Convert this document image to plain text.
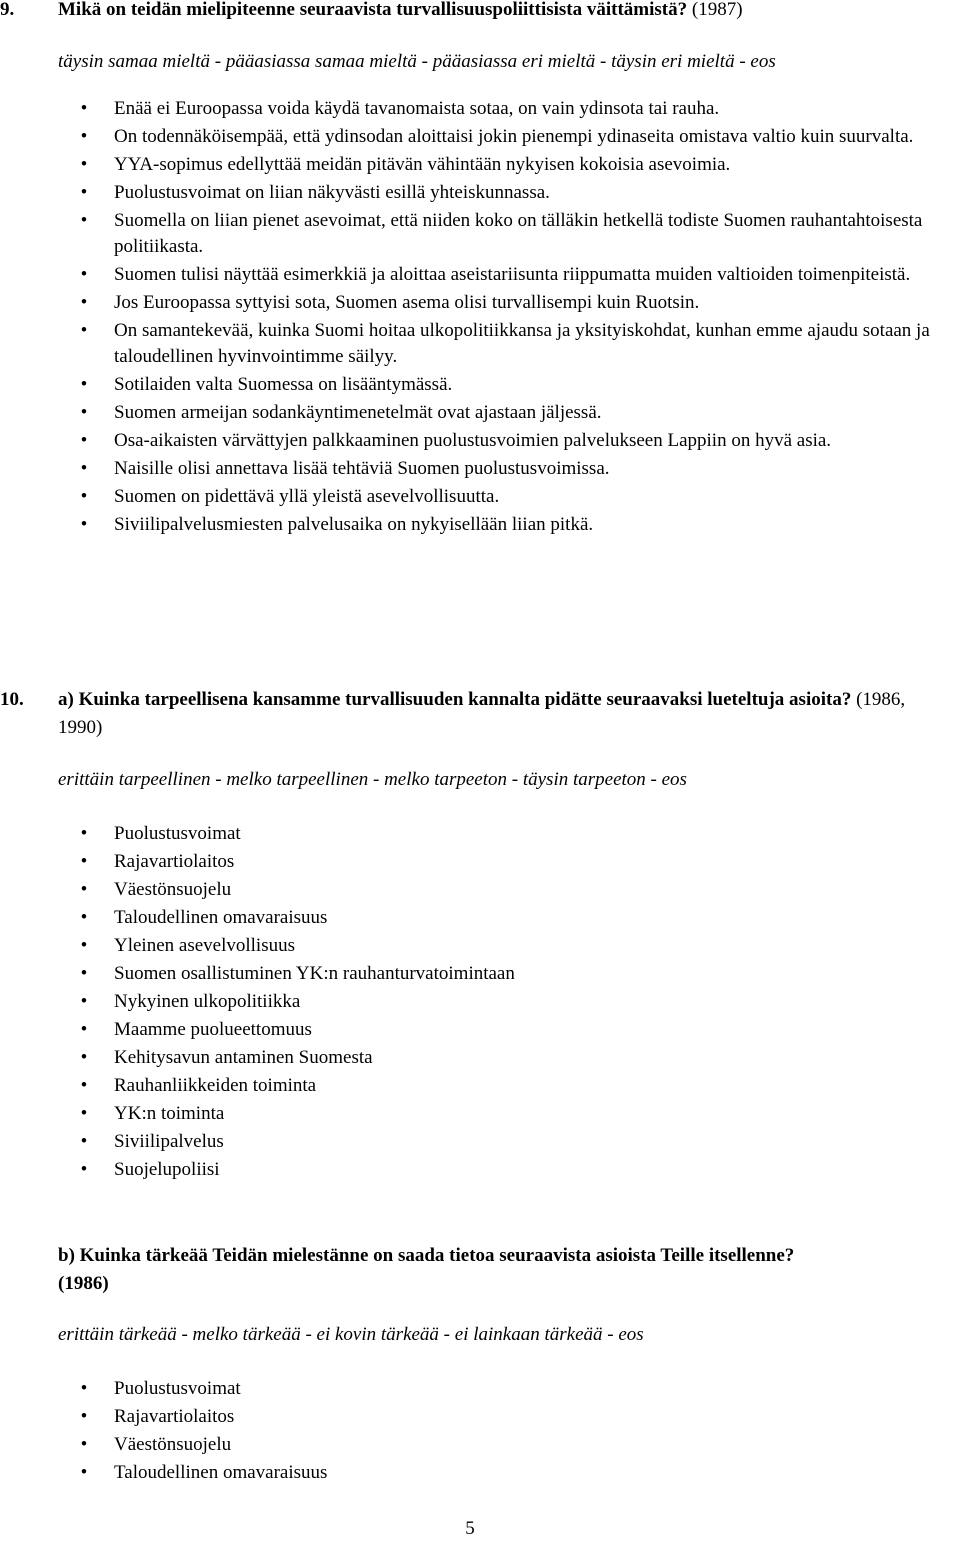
9. Mikä on teidän mielipiteenne seuraavista turvallisuuspoliittisista väittämistä? (1987)
täysin samaa mieltä - pääasiassa samaa mieltä - pääasiassa eri mieltä - täysin eri mieltä - eos
• Enää ei Euroopassa voida käydä tavanomaista sotaa, on vain ydinsota tai rauha.
• On todennäköisempää, että ydinsodan aloittaisi jokin pienempi ydinaseita omistava valtio kuin suurvalta.
• YYA-sopimus edellyttää meidän pitävän vähintään nykyisen kokoisia asevoimia.
• Puolustusvoimat on liian näkyvästi esillä yhteiskunnassa.
• Suomella on liian pienet asevoimat, että niiden koko on tälläkin hetkellä todiste Suomen rauhantahtoisesta politiikasta.
• Suomen tulisi näyttää esimerkkiä ja aloittaa aseistariisunta riippumatta muiden valtioiden toimenpiteistä.
• Jos Euroopassa syttyisi sota, Suomen asema olisi turvallisempi kuin Ruotsin.
• On samantekevää, kuinka Suomi hoitaa ulkopolitiikkansa ja yksityiskohdat, kunhan emme ajaudu sotaan ja taloudellinen hyvinvointimme säilyy.
• Sotilaiden valta Suomessa on lisääntymässä.
• Suomen armeijan sodankäyntimenetelmät ovat ajastaan jäljessä.
• Osa-aikaisten värvättyjen palkkaaminen puolustusvoimien palvelukseen Lappiin on hyvä asia.
• Naisille olisi annettava lisää tehtäviä Suomen puolustusvoimissa.
• Suomen on pidettävä yllä yleistä asevelvollisuutta.
• Siviilipalvelusmiesten palvelusaika on nykyisellään liian pitkä.
10. a) Kuinka tarpeellisena kansamme turvallisuuden kannalta pidätte seuraavaksi lueteltuja asioita? (1986, 1990)
erittäin tarpeellinen - melko tarpeellinen - melko tarpeeton - täysin tarpeeton - eos
• Puolustusvoimat
• Rajavartiolaitos
• Väestönsuojelu
• Taloudellinen omavaraisuus
• Yleinen asevelvollisuus
• Suomen osallistuminen YK:n rauhanturvatoimintaan
• Nykyinen ulkopolitiikka
• Maamme puolueettomuus
• Kehitysavun antaminen Suomesta
• Rauhanliikkeiden toiminta
• YK:n toiminta
• Siviilipalvelus
• Suojelupoliisi
b) Kuinka tärkeää Teidän mielestänne on saada tietoa seuraavista asioista Teille itsellenne?
(1986)
erittäin tärkeää - melko tärkeää - ei kovin tärkeää - ei lainkaan tärkeää - eos
• Puolustusvoimat
• Rajavartiolaitos
• Väestönsuojelu
• Taloudellinen omavaraisuus
5
